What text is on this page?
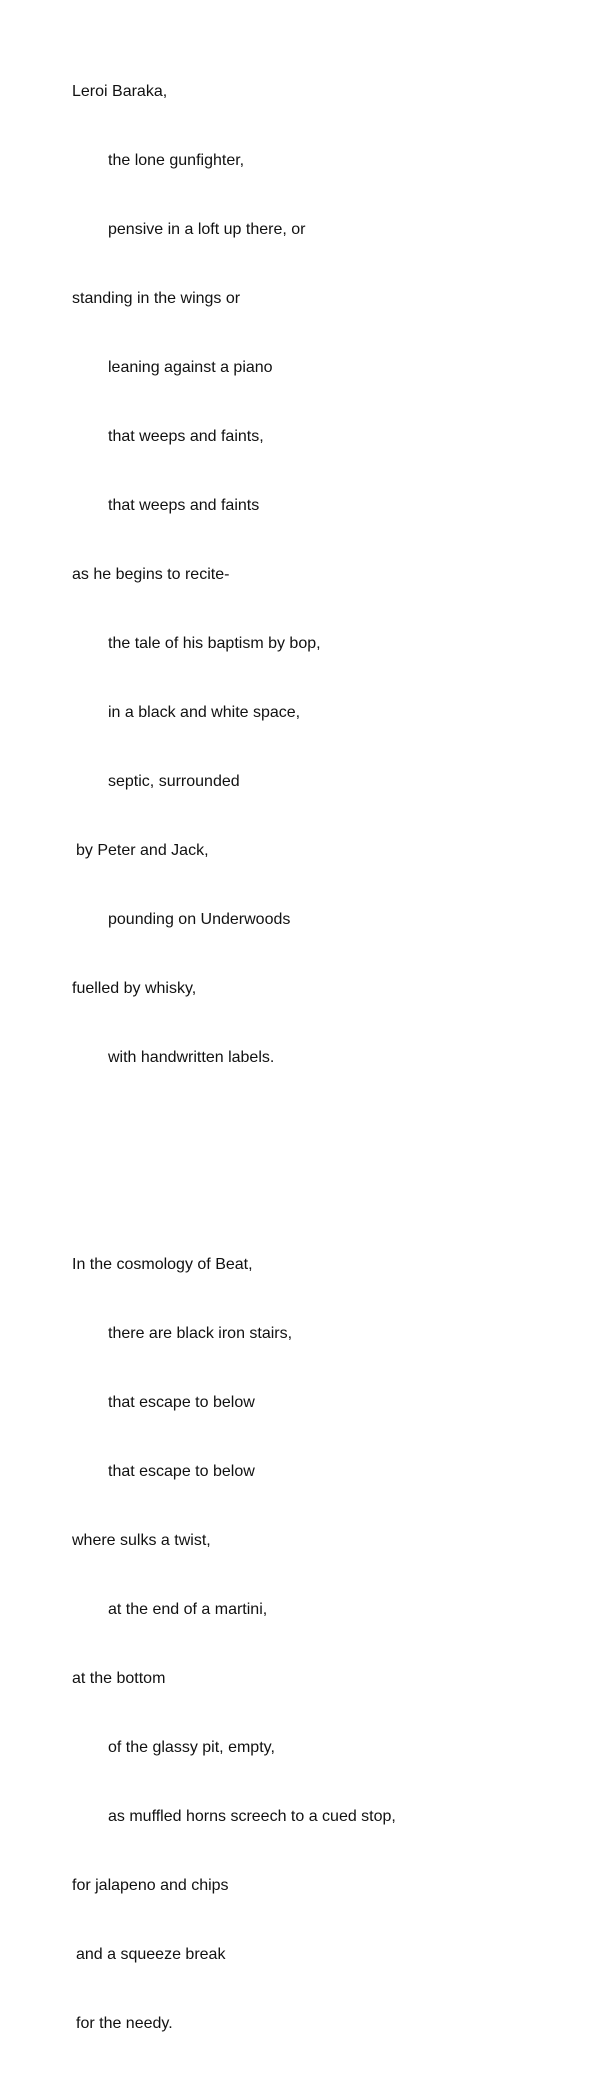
Leroi Baraka,

the lone gunfighter,

pensive in a loft up there, or

standing in the wings or

leaning against a piano

that weeps and faints,

that weeps and faints

as he begins to recite-

the tale of his baptism by bop,

in a black and white space,

septic, surrounded

by Peter and Jack,

pounding on Underwoods

fuelled by whisky,

with handwritten labels.

In the cosmology of Beat,

there are black iron stairs,

that escape to below

that escape to below

where sulks a twist,

at the end of a martini,

at the bottom

of the glassy pit, empty,

as muffled horns screech to a cued stop,

for jalapeno and chips

and a squeeze break

for the needy.
